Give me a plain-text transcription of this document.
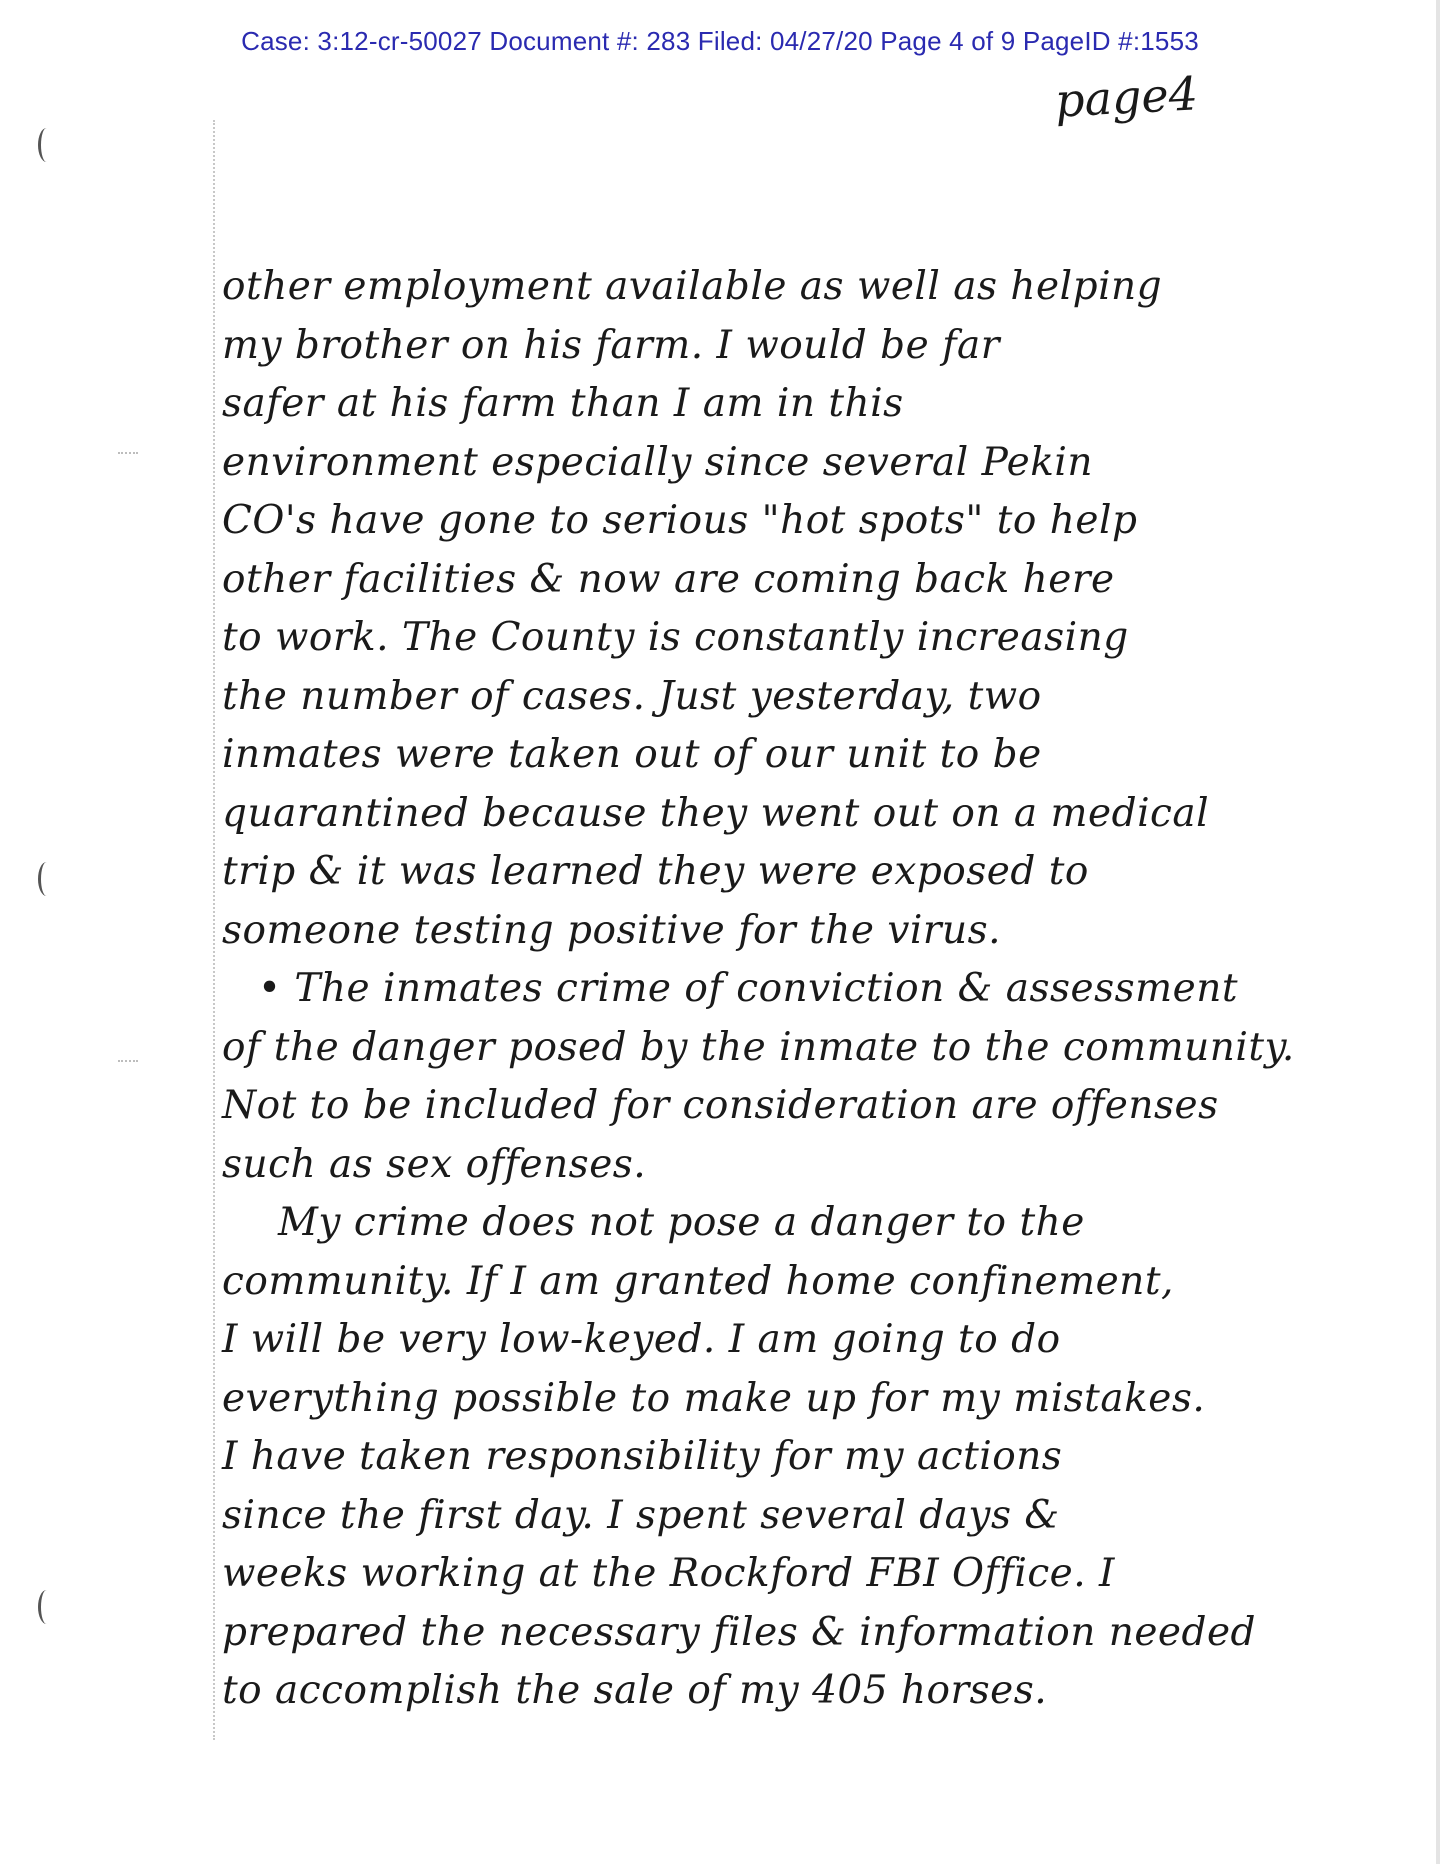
Case: 3:12-cr-50027 Document #: 283 Filed: 04/27/20 Page 4 of 9 PageID #:1553
page4
other employment available as well as helping
my brother on his farm. I would be far
safer at his farm than I am in this
environment especially since several Pekin
CO's have gone to serious "hot spots" to help
other facilities & now are coming back here
to work. The County is constantly increasing
the number of cases. Just yesterday, two
inmates were taken out of our unit to be
quarantined because they went out on a medical
trip & it was learned they were exposed to
someone testing positive for the virus.
• The inmates crime of conviction & assessment
of the danger posed by the inmate to the community.
Not to be included for consideration are offenses
such as sex offenses.
My crime does not pose a danger to the
community. If I am granted home confinement,
I will be very low-keyed. I am going to do
everything possible to make up for my mistakes.
I have taken responsibility for my actions
since the first day. I spent several days &
weeks working at the Rockford FBI Office. I
prepared the necessary files & information needed
to accomplish the sale of my 405 horses.
